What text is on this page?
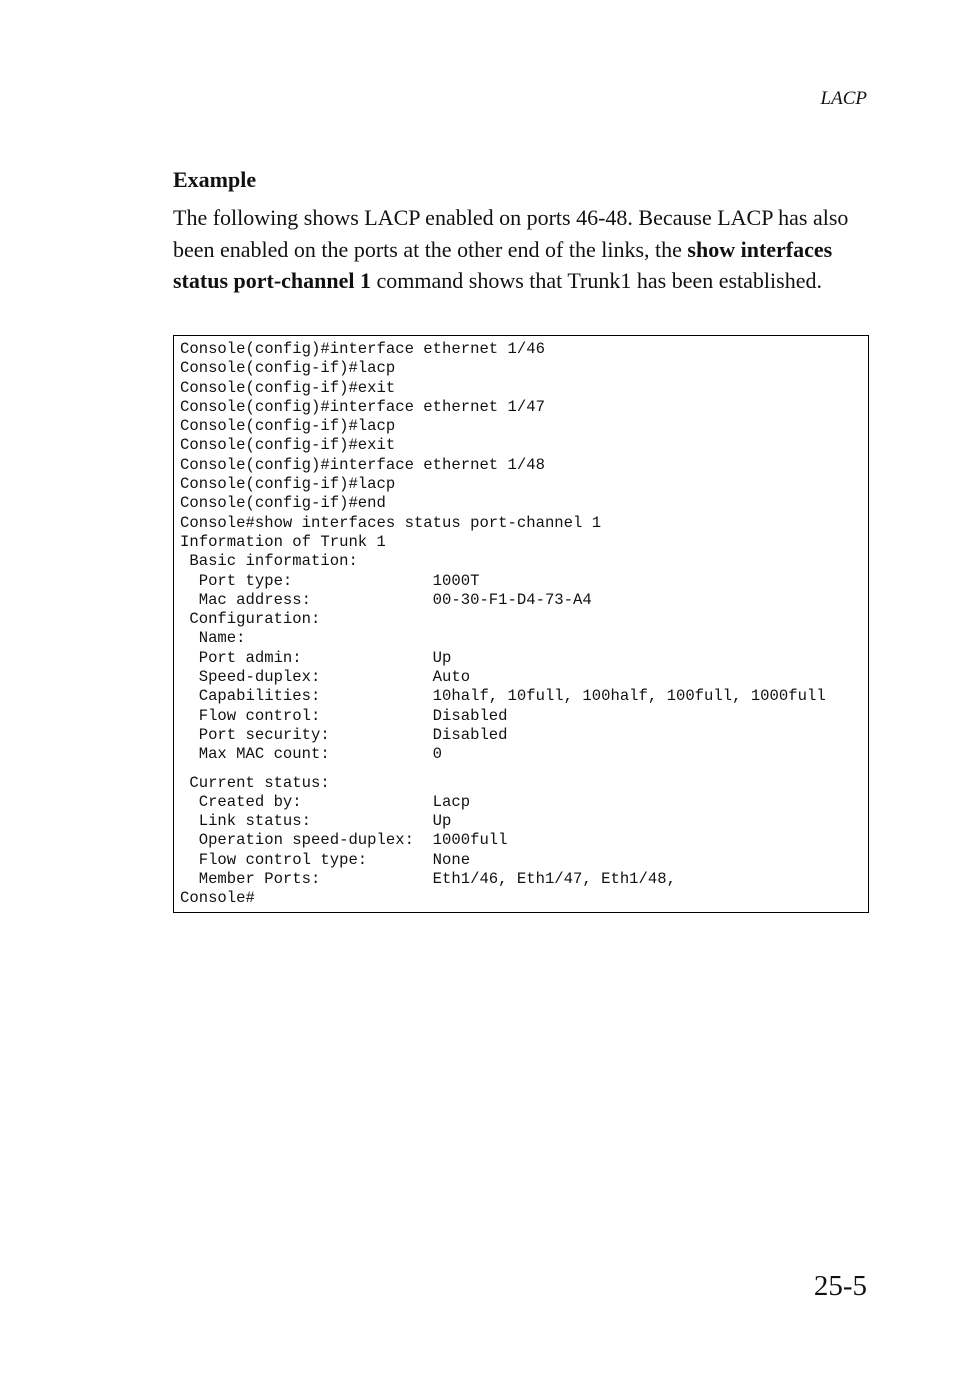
LACP
Example

The following shows LACP enabled on ports 46-48. Because LACP has also been enabled on the ports at the other end of the links, the show interfaces status port-channel 1 command shows that Trunk1 has been established.

Console(config)#interface ethernet 1/46
Console(config-if)#lacp
Console(config-if)#exit
Console(config)#interface ethernet 1/47
Console(config-if)#lacp
Console(config-if)#exit
Console(config)#interface ethernet 1/48
Console(config-if)#lacp
Console(config-if)#end
Console#show interfaces status port-channel 1
Information of Trunk 1
Basic information:
Port type:               1000T
Mac address:             00-30-F1-D4-73-A4
Configuration:
Name:
Port admin:              Up
Speed-duplex:            Auto
Capabilities:            10half, 10full, 100half, 100full, 1000full
Flow control:            Disabled
Port security:           Disabled
Max MAC count:           0
Current status:
Created by:              Lacp
Link status:             Up
Operation speed-duplex:  1000full
Flow control type:       None
Member Ports:            Eth1/46, Eth1/47, Eth1/48,
Console#
25-5
